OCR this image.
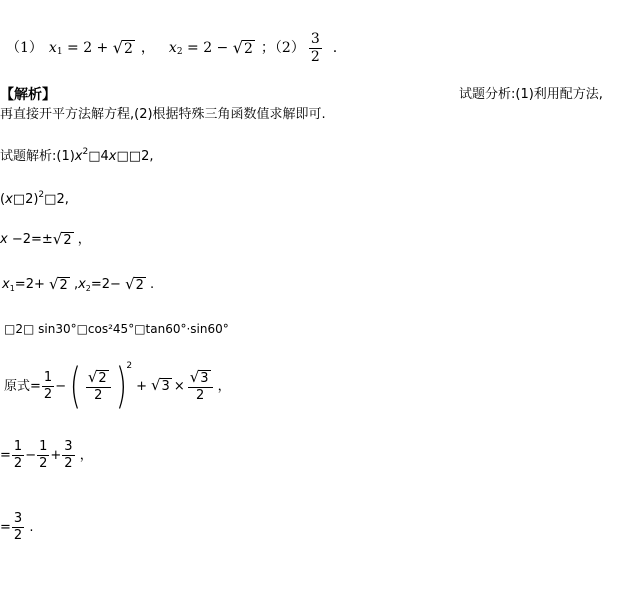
（1） x 1 = 2 + √ 2 ， x 2 = 2 − √ 2 ；$(2) \frac{3}{2}$ .
【解析】	试题分析:(1)利用配方法,
再直接开平方法解方程,(2)根据特殊三角函数值求解即可.
试题解析$:(1)x^2□4x□□2$,
(x□2)$^2$□2,
x −2=± √ 2 ，
x 1 =2+ √ 2 , x 2 =2− √ 2 .
□2□ sin30°□cos²45°□tan60°·sin60°
原式= $\frac{1}{2}$ − ( $\frac{√ 2}{2}$ ) 2
+ √ $3 \times \frac{√ 3}{2}$ ，
= $\frac{1}{2} - \frac{1}{2} + \frac{3}{2}$ ，
= $\frac{3}{2}$ .
